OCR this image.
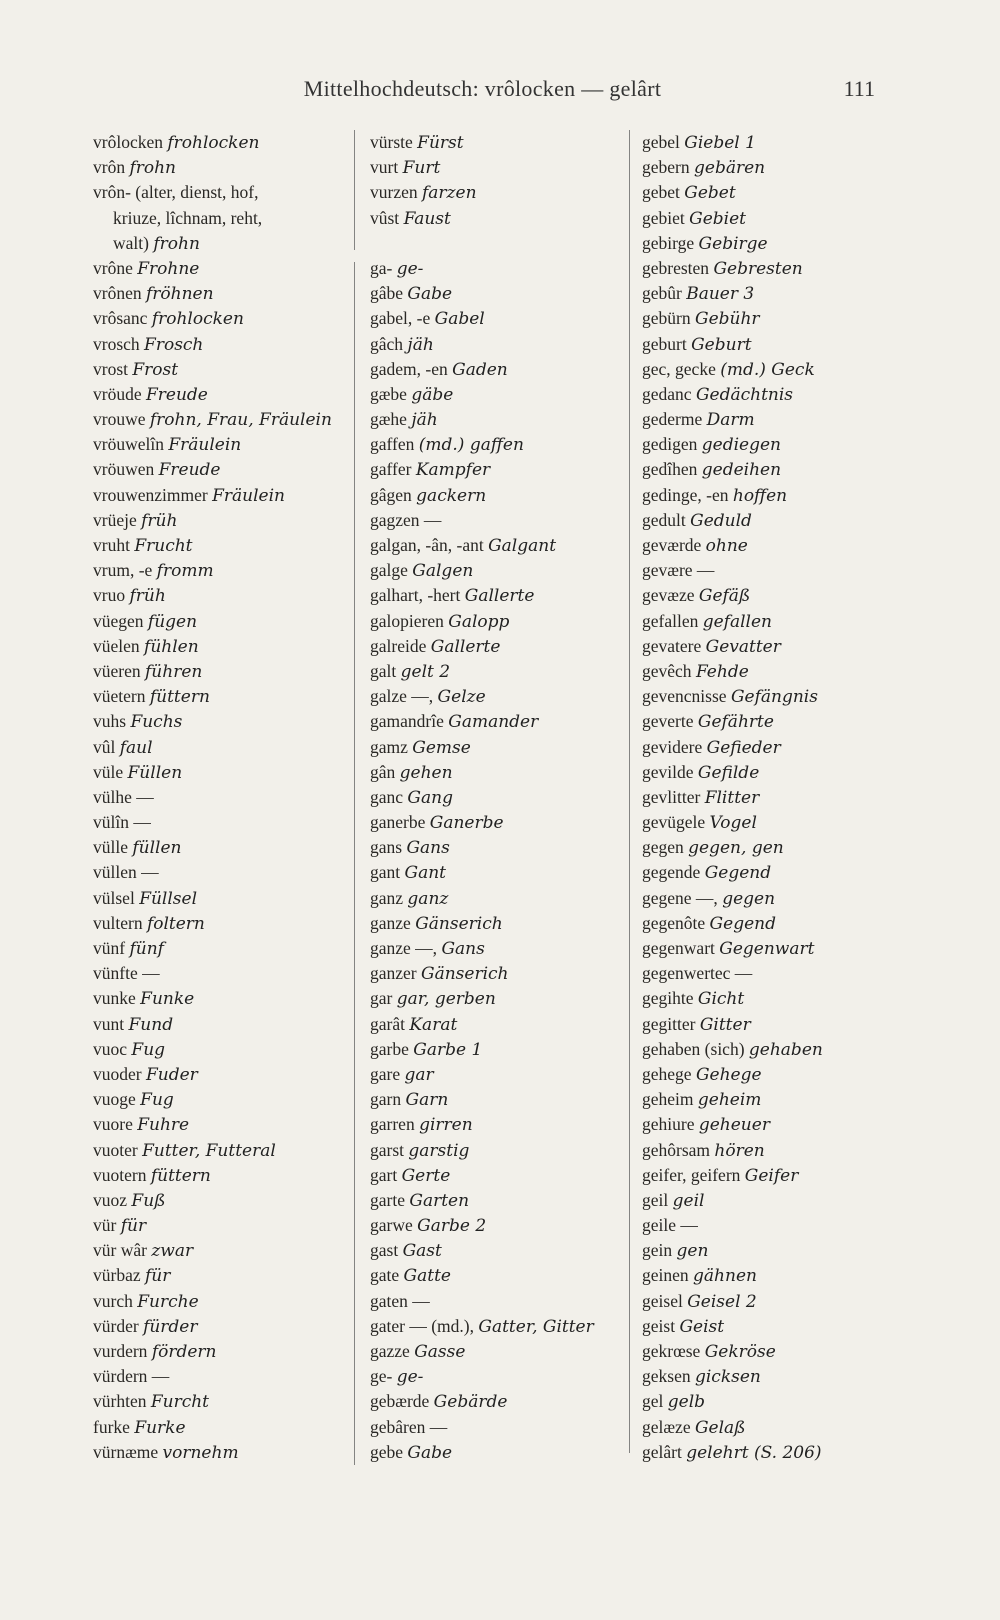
Mittelhochdeutsch: vrôlocken — gelârt	111
vrôlocken frohlocken
vrôn frohn
vrôn- (alter, dienst, hof,
kriuze, lîchnam, reht,
walt) frohn
vrône Frohne
vrônen fröhnen
vrôsanc frohlocken
vrosch Frosch
vrost Frost
vröude Freude
vrouwe frohn, Frau, Fräulein
vröuwelîn Fräulein
vröuwen Freude
vrouwenzimmer Fräulein
vrüeje früh
vruht Frucht
vrum, -e fromm
vruo früh
vüegen fügen
vüelen fühlen
vüeren führen
vüetern füttern
vuhs Fuchs
vûl faul
vüle Füllen
vülhe —
vülîn —
vülle füllen
vüllen —
vülsel Füllsel
vultern foltern
vünf fünf
vünfte —
vunke Funke
vunt Fund
vuoc Fug
vuoder Fuder
vuoge Fug
vuore Fuhre
vuoter Futter, Futteral
vuotern füttern
vuoz Fuß
vür für
vür wâr zwar
vürbaz für
vurch Furche
vürder fürder
vurdern fördern
vürdern —
vürhten Furcht
furke Furke
vürnæme vornehm
vürste Fürst
vurt Furt
vurzen farzen
vûst Faust
ga- ge-
gâbe Gabe
gabel, -e Gabel
gâch jäh
gadem, -en Gaden
gæbe gäbe
gæhe jäh
gaffen (md.) gaffen
gaffer Kampfer
gâgen gackern
gagzen —
galgan, -ân, -ant Galgant
galge Galgen
galhart, -hert Gallerte
galopieren Galopp
galreide Gallerte
galt gelt 2
galze —, Gelze
gamandrîe Gamander
gamz Gemse
gân gehen
ganc Gang
ganerbe Ganerbe
gans Gans
gant Gant
ganz ganz
ganze Gänserich
ganze —, Gans
ganzer Gänserich
gar gar, gerben
garât Karat
garbe Garbe 1
gare gar
garn Garn
garren girren
garst garstig
gart Gerte
garte Garten
garwe Garbe 2
gast Gast
gate Gatte
gaten —
gater — (md.), Gatter, Gitter
gazze Gasse
ge- ge-
gebærde Gebärde
gebâren —
gebe Gabe
gebel Giebel 1
gebern gebären
gebet Gebet
gebiet Gebiet
gebirge Gebirge
gebresten Gebresten
gebûr Bauer 3
gebürn Gebühr
geburt Geburt
gec, gecke (md.) Geck
gedanc Gedächtnis
gederme Darm
gedigen gediegen
gedîhen gedeihen
gedinge, -en hoffen
gedult Geduld
geværde ohne
gevære —
gevæze Gefäß
gefallen gefallen
gevatere Gevatter
gevêch Fehde
gevencnisse Gefängnis
geverte Gefährte
gevidere Gefieder
gevilde Gefilde
gevlitter Flitter
gevügele Vogel
gegen gegen, gen
gegende Gegend
gegene —, gegen
gegenôte Gegend
gegenwart Gegenwart
gegenwertec —
gegihte Gicht
gegitter Gitter
gehaben (sich) gehaben
gehege Gehege
geheim geheim
gehiure geheuer
gehôrsam hören
geifer, geifern Geifer
geil geil
geile —
gein gen
geinen gähnen
geisel Geisel 2
geist Geist
gekrœse Gekröse
geksen gicksen
gel gelb
gelæze Gelaß
gelârt gelehrt (S. 206)
